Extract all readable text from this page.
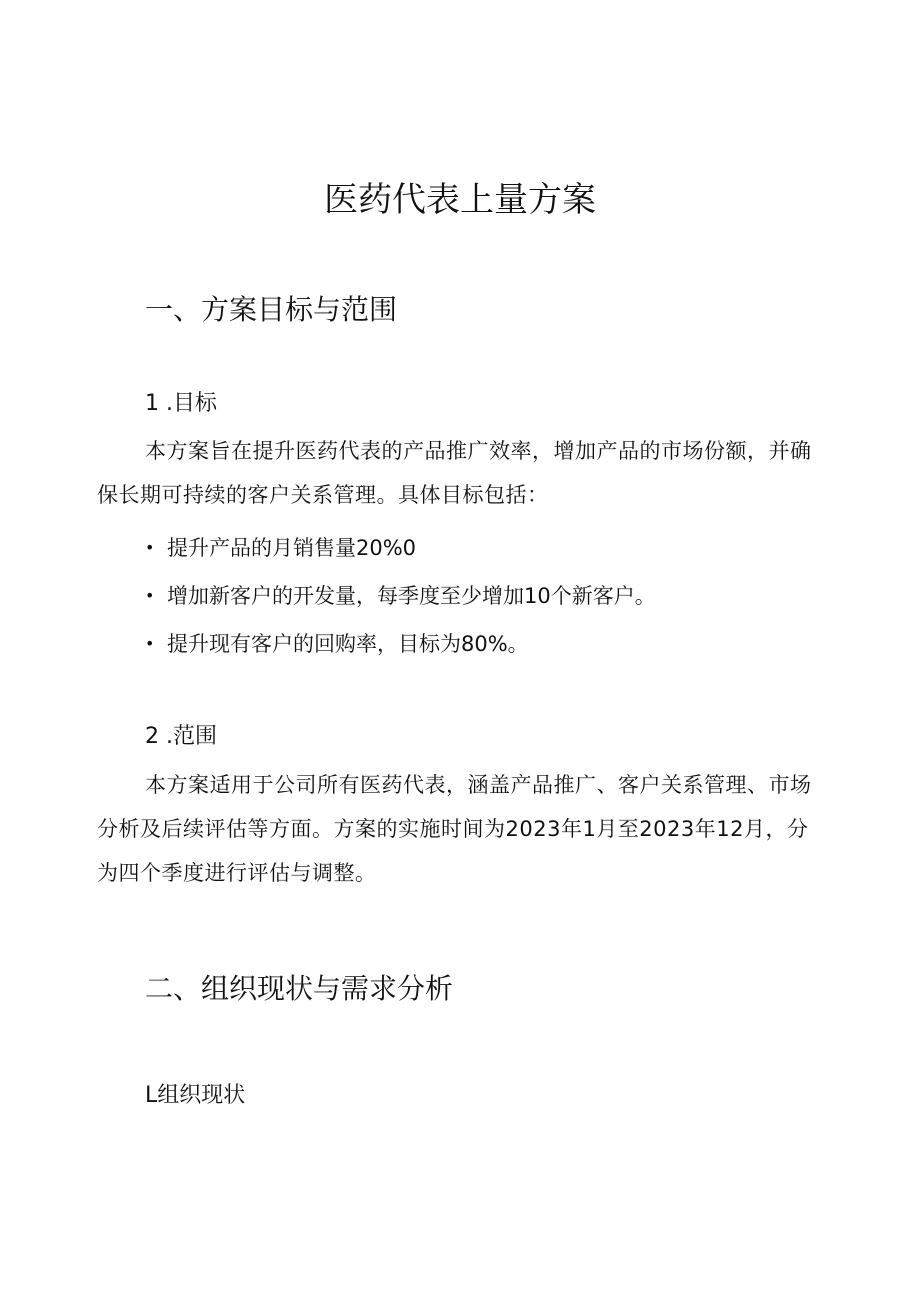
医药代表上量方案
一、方案目标与范围
1 .目标

本方案旨在提升医药代表的产品推广效率，增加产品的市场份额，并确保长期可持续的客户关系管理。具体目标包括：

• 提升产品的月销售量20%0
• 增加新客户的开发量，每季度至少增加10个新客户。
• 提升现有客户的回购率，目标为80%。
2 .范围

本方案适用于公司所有医药代表，涵盖产品推广、客户关系管理、市场分析及后续评估等方面。方案的实施时间为2023年1月至2023年12月，分为四个季度进行评估与调整。

二、组织现状与需求分析
L组织现状
